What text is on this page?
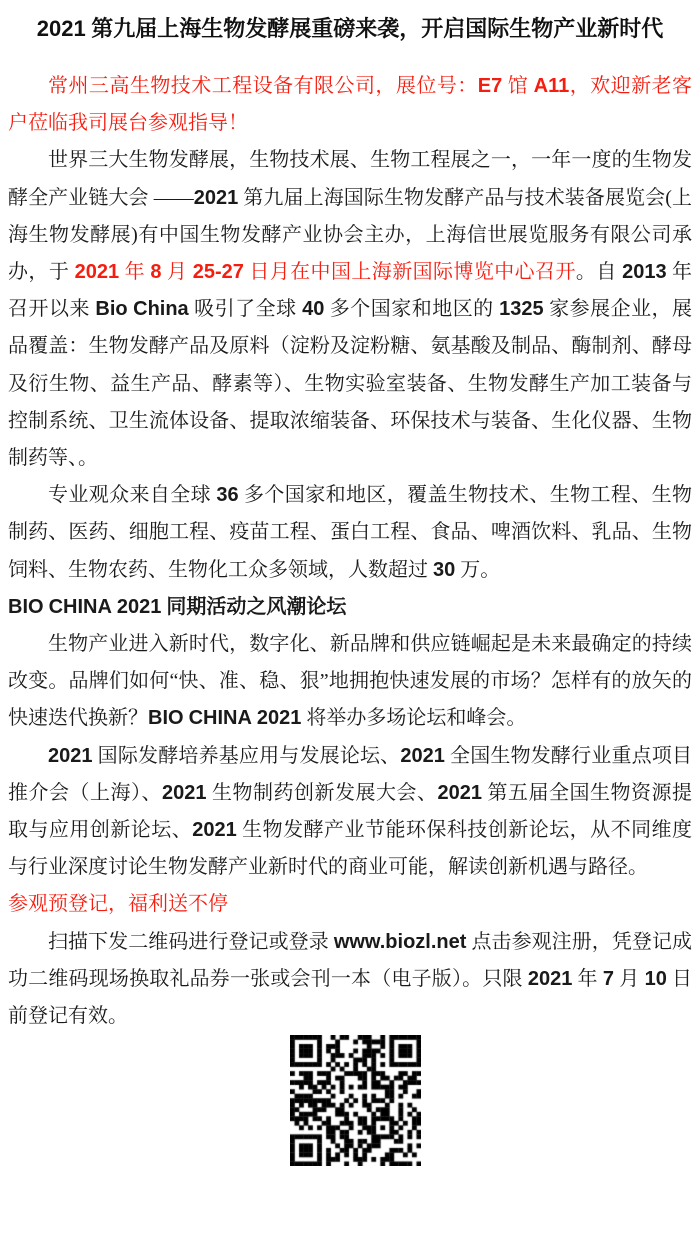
2021 第九届上海生物发酵展重磅来袭，开启国际生物产业新时代

常州三高生物技术工程设备有限公司，展位号：E7 馆 A11，欢迎新老客户莅临我司展台参观指导！

世界三大生物发酵展，生物技术展、生物工程展之一，一年一度的生物发酵全产业链大会 ——2021 第九届上海国际生物发酵产品与技术装备展览会(上海生物发酵展)有中国生物发酵产业协会主办，上海信世展览服务有限公司承办，于 2021 年 8 月 25-27 日月在中国上海新国际博览中心召开。自 2013 年召开以来 Bio China 吸引了全球 40 多个国家和地区的 1325 家参展企业，展品覆盖：生物发酵产品及原料（淀粉及淀粉糖、氨基酸及制品、酶制剂、酵母及衍生物、益生产品、酵素等）、生物实验室装备、生物发酵生产加工装备与控制系统、卫生流体设备、提取浓缩装备、环保技术与装备、生化仪器、生物制药等、。

专业观众来自全球 36 多个国家和地区，覆盖生物技术、生物工程、生物制药、医药、细胞工程、疫苗工程、蛋白工程、食品、啤酒饮料、乳品、生物饲料、生物农药、生物化工众多领域，人数超过 30 万。

BIO CHINA 2021 同期活动之风潮论坛

生物产业进入新时代，数字化、新品牌和供应链崛起是未来最确定的持续改变。品牌们如何“快、准、稳、狠”地拥抱快速发展的市场？怎样有的放矢的快速迭代换新？BIO CHINA 2021 将举办多场论坛和峰会。

2021 国际发酵培养基应用与发展论坛、2021 全国生物发酵行业重点项目推介会（上海）、2021 生物制药创新发展大会、2021 第五届全国生物资源提取与应用创新论坛、2021 生物发酵产业节能环保科技创新论坛，从不同维度与行业深度讨论生物发酵产业新时代的商业可能，解读创新机遇与路径。

参观预登记，福利送不停

扫描下发二维码进行登记或登录 www.biozl.net 点击参观注册，凭登记成功二维码现场换取礼品券一张或会刊一本（电子版）。只限 2021 年 7 月 10 日前登记有效。
